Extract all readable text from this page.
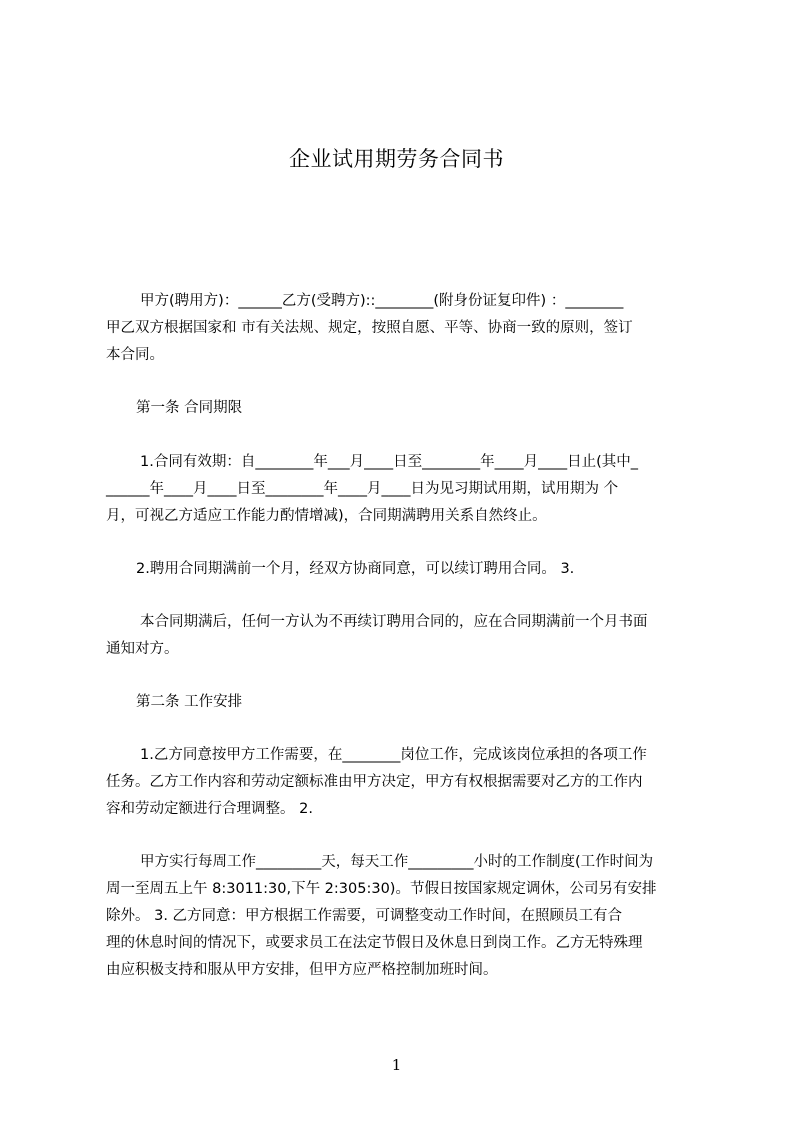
企业试用期劳务合同书
甲方(聘用方)：______乙方(受聘方)::________(附身份证复印件) ：________
甲乙双方根据国家和 市有关法规、规定，按照自愿、平等、协商一致的原则，签订
本合同。
第一条 合同期限
1.合同有效期：自________年___月____日至________年____月____日止(其中_
______年____月____日至________年____月____日为见习期试用期，试用期为 个
月，可视乙方适应工作能力酌情增减)，合同期满聘用关系自然终止。
2.聘用合同期满前一个月，经双方协商同意，可以续订聘用合同。 3.
本合同期满后，任何一方认为不再续订聘用合同的，应在合同期满前一个月书面
通知对方。
第二条 工作安排
1.乙方同意按甲方工作需要，在________岗位工作，完成该岗位承担的各项工作
任务。乙方工作内容和劳动定额标准由甲方决定，甲方有权根据需要对乙方的工作内
容和劳动定额进行合理调整。 2.
甲方实行每周工作_________天，每天工作_________小时的工作制度(工作时间为
周一至周五上午 8:3011:30,下午 2:305:30)。节假日按国家规定调休，公司另有安排
除外。 3. 乙方同意：甲方根据工作需要，可调整变动工作时间，在照顾员工有合
理的休息时间的情况下，或要求员工在法定节假日及休息日到岗工作。乙方无特殊理
由应积极支持和服从甲方安排，但甲方应严格控制加班时间。
1
